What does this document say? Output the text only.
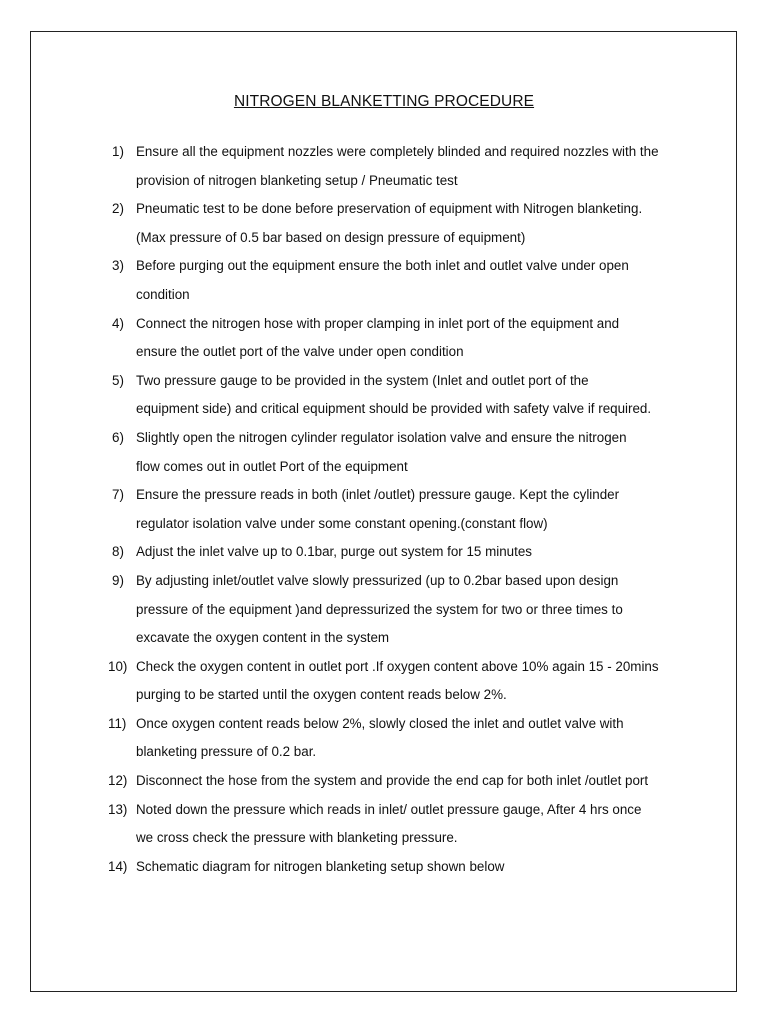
NITROGEN BLANKETTING PROCEDURE
1) Ensure all the equipment nozzles were completely blinded and required nozzles with the
provision of nitrogen blanketing setup / Pneumatic test
2) Pneumatic test to be done before preservation of equipment with Nitrogen blanketing.
(Max pressure of 0.5 bar based on design pressure of equipment)
3) Before purging out the equipment ensure the both inlet and outlet valve under open
condition
4) Connect the nitrogen hose with proper clamping in inlet port of the equipment and
ensure the outlet port of the valve under open condition
5) Two pressure gauge to be provided in the system (Inlet and outlet port of the
equipment side) and critical equipment should be provided with safety valve if required.
6) Slightly open the nitrogen cylinder regulator isolation valve and ensure the nitrogen
flow comes out in outlet Port of the equipment
7) Ensure the pressure reads in both (inlet /outlet) pressure gauge. Kept the cylinder
regulator isolation valve under some constant opening.(constant flow)
8) Adjust the inlet valve up to 0.1bar, purge out system for 15 minutes
9) By adjusting inlet/outlet valve slowly pressurized (up to 0.2bar based upon design
pressure of the equipment )and depressurized the system for two or three times to
excavate the oxygen content in the system
10) Check the oxygen content in outlet port .If oxygen content above 10% again 15 - 20mins
purging to be started until the oxygen content reads below 2%.
11) Once oxygen content reads below 2%, slowly closed the inlet and outlet valve with
blanketing pressure of 0.2 bar.
12) Disconnect the hose from the system and provide the end cap for both inlet /outlet port
13) Noted down the pressure which reads in inlet/ outlet pressure gauge, After 4 hrs once
we cross check the pressure with blanketing pressure.
14) Schematic diagram for nitrogen blanketing setup shown below
